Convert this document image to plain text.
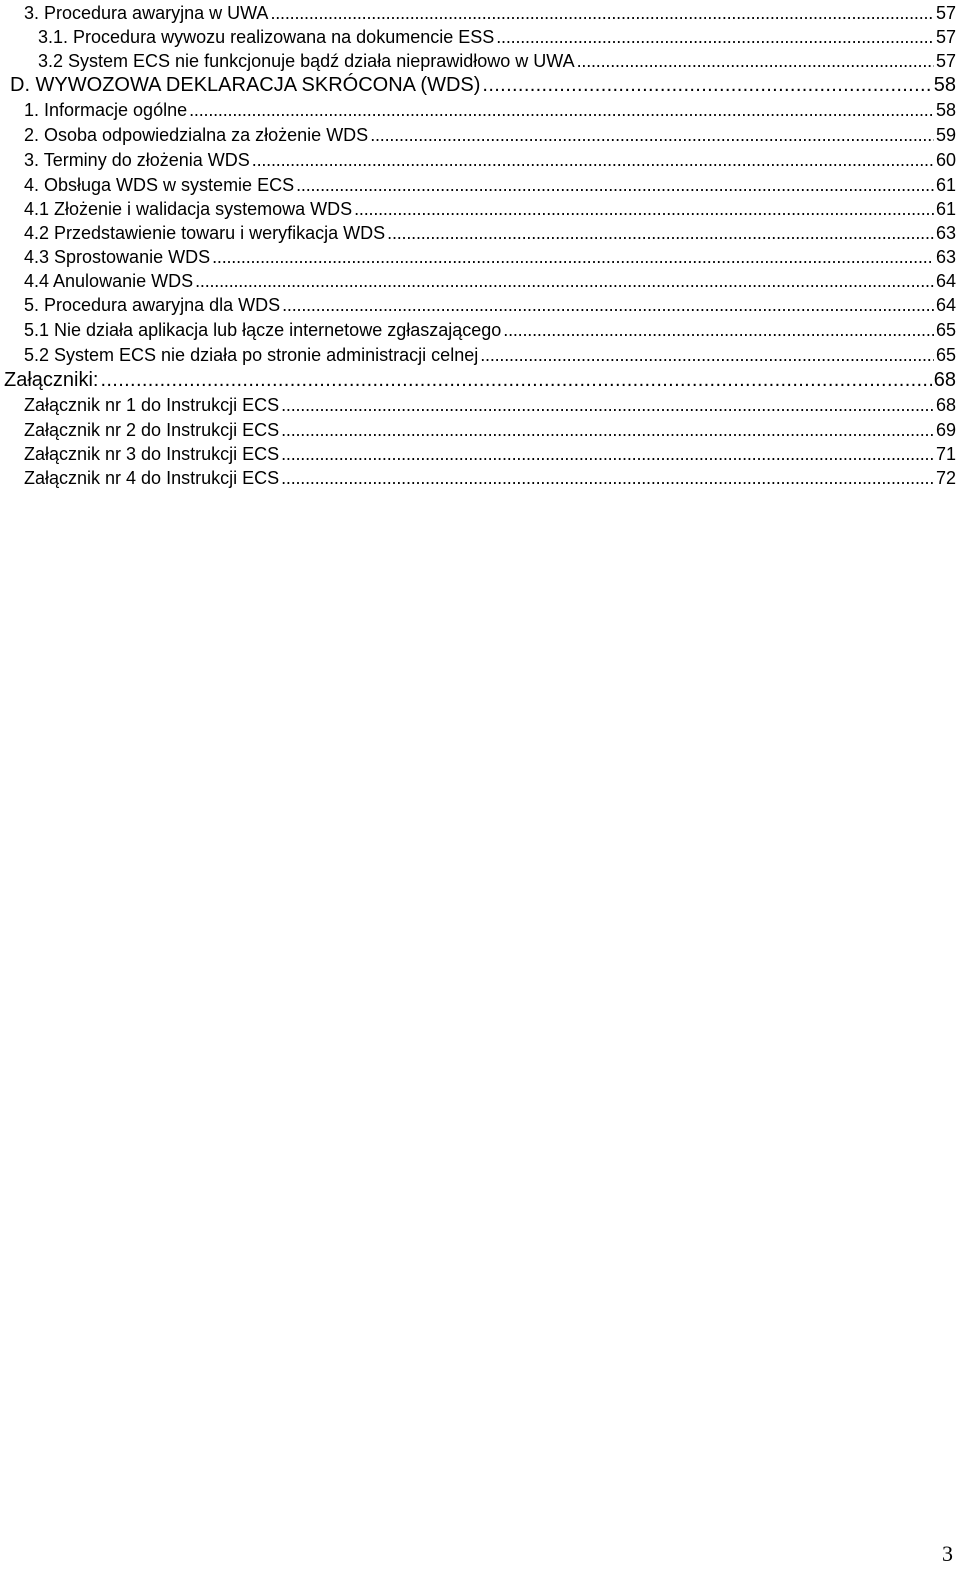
3. Procedura awaryjna w UWA . . .	57
3.1. Procedura wywozu realizowana na dokumencie ESS . . .	57
3.2 System ECS nie funkcjonuje bądź działa nieprawidłowo w UWA . . .	57
D. WYWOZOWA DEKLARACJA SKRÓCONA (WDS) . . .	58
1. Informacje ogólne . . .	58
2. Osoba odpowiedzialna za złożenie WDS . . .	59
3. Terminy do złożenia WDS . . .	60
4. Obsługa WDS w systemie ECS . . .	61
4.1 Złożenie i walidacja systemowa WDS . . .	61
4.2 Przedstawienie towaru i weryfikacja WDS . . .	63
4.3 Sprostowanie WDS . . .	63
4.4 Anulowanie WDS . . .	64
5. Procedura awaryjna dla WDS . . .	64
5.1 Nie działa aplikacja lub łącze internetowe zgłaszającego . . .	65
5.2 System ECS nie działa po stronie administracji celnej . . .	65
Załączniki: . . .	68
Załącznik nr 1 do Instrukcji ECS . . .	68
Załącznik nr 2 do Instrukcji ECS . . .	69
Załącznik nr 3 do Instrukcji ECS . . .	71
Załącznik nr 4 do Instrukcji ECS . . .	72
3
